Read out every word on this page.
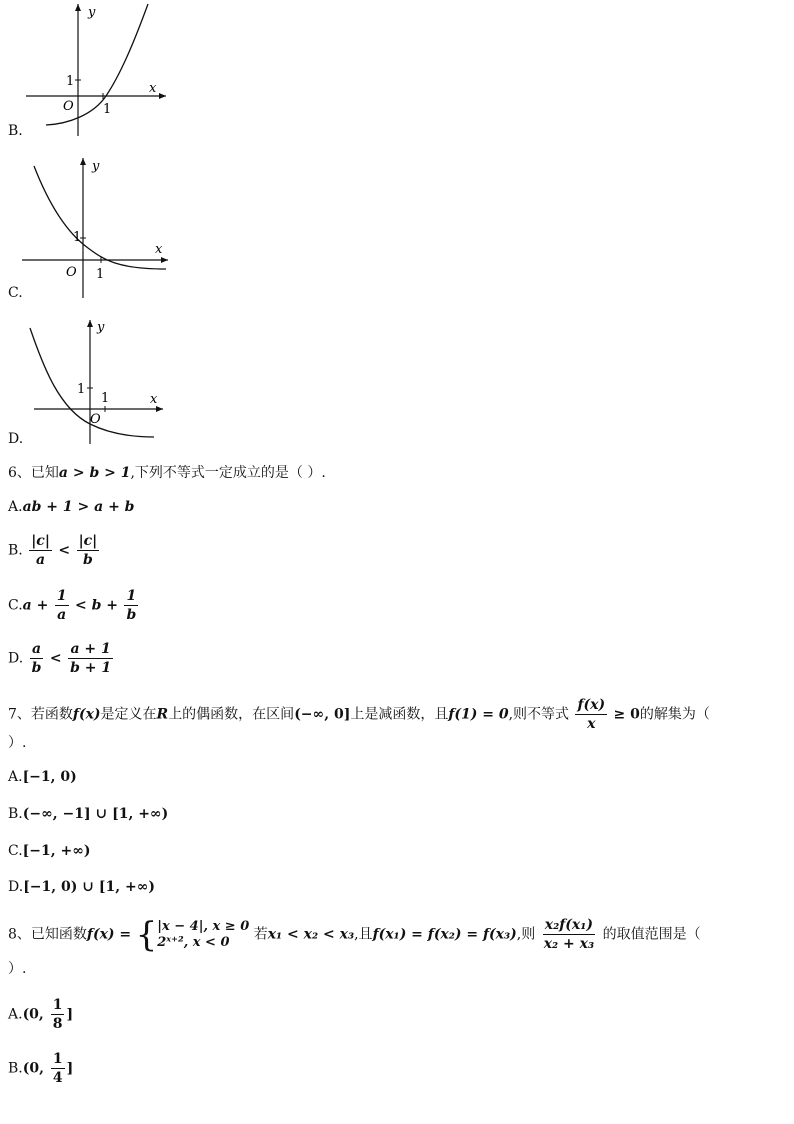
y
x
1
O 1
B.
y
x
1
O 1
C.
y
x
1
O
1
D.
6、已知a > b > 1,下列不等式一定成立的是（ ）.
A.ab + 1 > a + b
B. $\frac{|c|}{a} < \frac{|c|}{b}$
$C.a + \frac{1}{a} < b + \frac{1}{b}$
D. $\frac{a}{b} < \frac{a + 1}{b + 1}$
7、若函数f(x)是定义在R上的偶函数，在区间(−∞, 0]上是减函数，且f(1) = 0,则不等式 $\frac{f(x)}{x} \ge 0$的解集为（
）.
A.[−1, 0)
B.(−∞, −1] ∪ [1, +∞)
C.[−1, +∞)
D.[−1, 0) ∪ [1, +∞)
8、已知函数f(x) = { |x − 4|, x ≥ 0
2ˣ⁺², x < 0	若x₁ < x₂ < x₃,且f(x₁) = f(x₂) = f(x₃),则 $\frac{\text{x₂f(x₁)}}{\text{x₂ + x₃}}$ 的取值范围是（
）.
A.(0, $\frac{1}{8}$ ]
B.(0, $\frac{1}{4}$ ]
